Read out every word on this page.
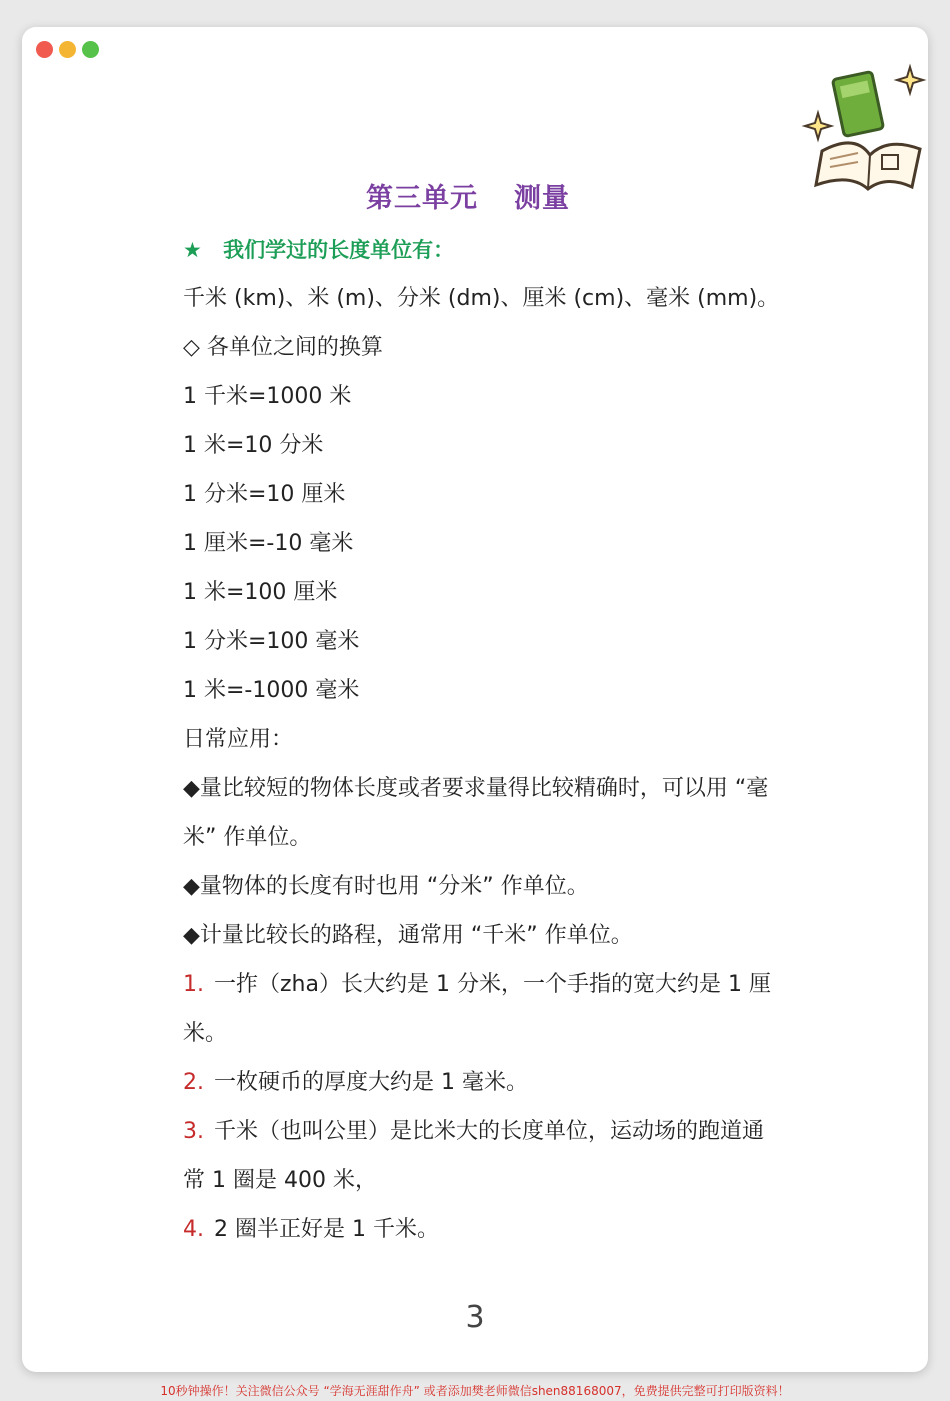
第三单元 测量
★ 我们学过的长度单位有：
千米 (km)、米 (m)、分米 (dm)、厘米 (cm)、毫米 (mm)。
◇ 各单位之间的换算
1 千米=1000 米
1 米=10 分米
1 分米=10 厘米
1 厘米=-10 毫米
1 米=100 厘米
1 分米=100 毫米
1 米=-1000 毫米
日常应用：
◆量比较短的物体长度或者要求量得比较精确时，可以用 “毫
米” 作单位。
◆量物体的长度有时也用 “分米” 作单位。
◆计量比较长的路程，通常用 “千米” 作单位。
1. 一拃（zha）长大约是 1 分米，一个手指的宽大约是 1 厘
米。
2. 一枚硬币的厚度大约是 1 毫米。
3. 千米（也叫公里）是比米大的长度单位，运动场的跑道通
常 1 圈是 400 米，
4. 2 圈半正好是 1 千米。
3
10秒钟操作！关注微信公众号 “学海无涯甜作舟” 或者添加樊老师微信shen88168007，免费提供完整可打印版资料！
